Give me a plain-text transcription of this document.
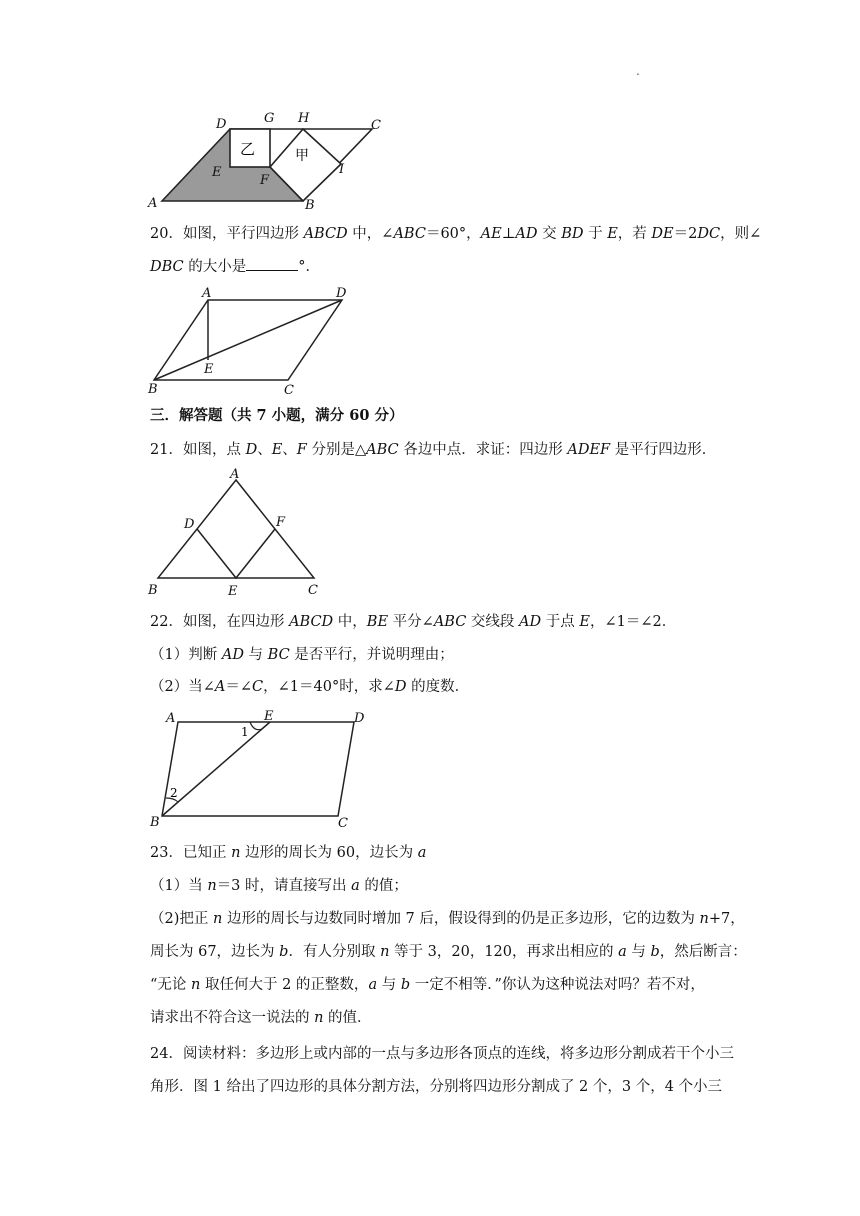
.
A	B
C
D
E
F
G H
I
乙	甲
20．如图，平行四边形 ABCD 中，∠ABC＝60°，AE⊥AD 交 BD 于 E，若 DE＝2DC，则∠
DBC 的大小是	°．
A	D
B	C
E
三．解答题（共 7 小题，满分 60 分）
21．如图，点 D、E、F 分别是△ABC 各边中点．求证：四边形 ADEF 是平行四边形．
A
B	C
D
E
F
22．如图，在四边形 ABCD 中，BE 平分∠ABC 交线段 AD 于点 E，∠1＝∠2．
（1）判断 AD 与 BC 是否平行，并说明理由；
（2）当∠A＝∠C，∠1＝40°时，求∠D 的度数．
A	E	D
B	C
1
2
23．已知正 n 边形的周长为 60，边长为 a
（1）当 n＝3 时，请直接写出 a 的值；
（2)把正 n 边形的周长与边数同时增加 7 后，假设得到的仍是正多边形，它的边数为 n+7，
周长为 67，边长为 b．有人分别取 n 等于 3，20，120，再求出相应的 a 与 b，然后断言：
“无论 n 取任何大于 2 的正整数，a 与 b 一定不相等．”你认为这种说法对吗？若不对，
请求出不符合这一说法的 n 的值．
24．阅读材料：多边形上或内部的一点与多边形各顶点的连线，将多边形分割成若干个小三
角形．图 1 给出了四边形的具体分割方法，分别将四边形分割成了 2 个，3 个，4 个小三
